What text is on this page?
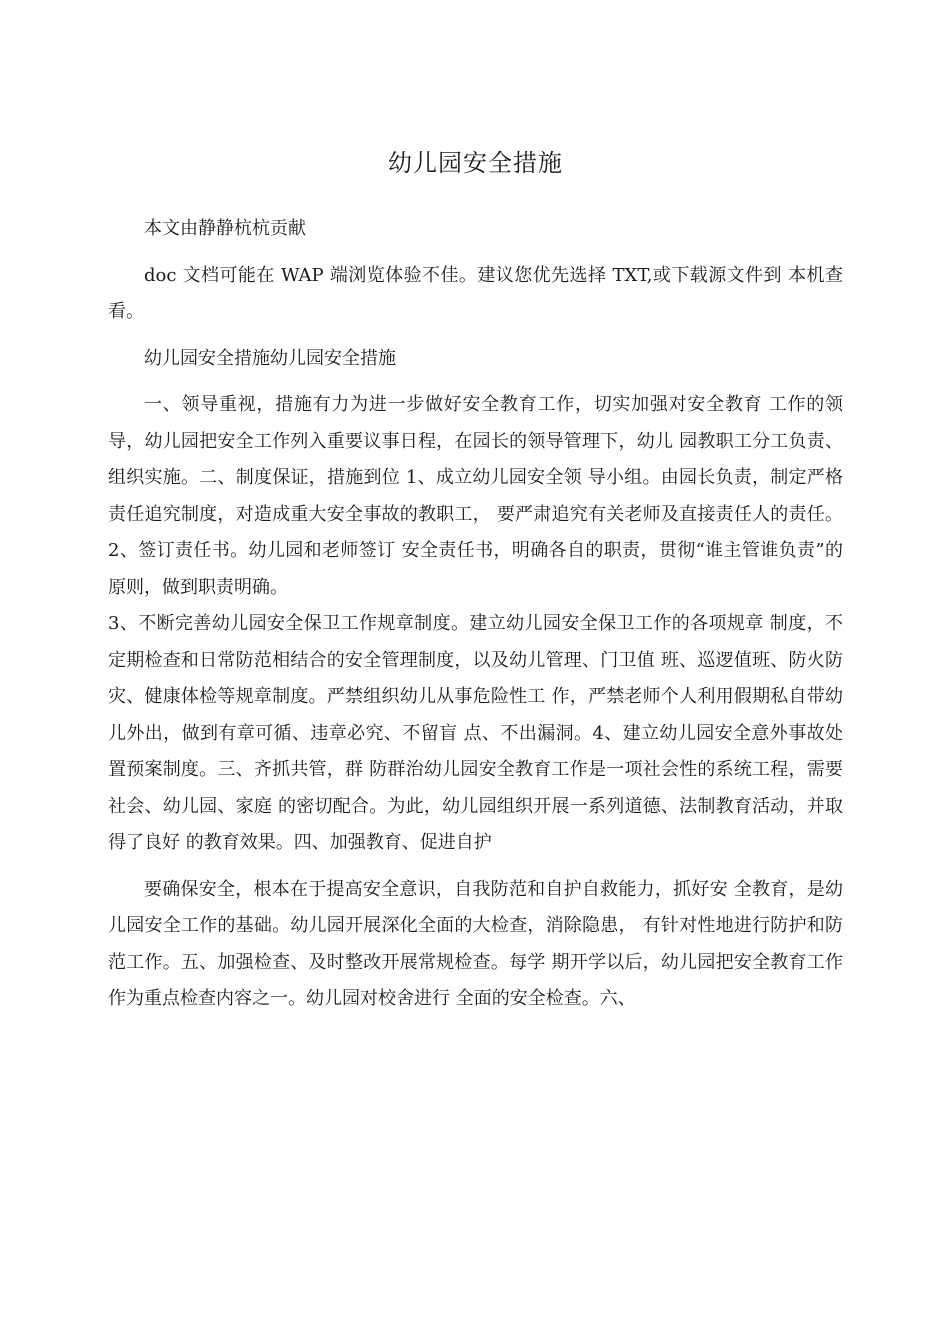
幼儿园安全措施

本文由静静杭杭贡献

doc 文档可能在 WAP 端浏览体验不佳。建议您优先选择 TXT,或下载源文件到 本机查看。

幼儿园安全措施幼儿园安全措施

一、领导重视，措施有力为进一步做好安全教育工作，切实加强对安全教育 工作的领导，幼儿园把安全工作列入重要议事日程，在园长的领导管理下，幼儿 园教职工分工负责、组织实施。二、制度保证，措施到位 1、成立幼儿园安全领 导小组。由园长负责，制定严格责任追究制度，对造成重大安全事故的教职工， 要严肃追究有关老师及直接责任人的责任。2、签订责任书。幼儿园和老师签订 安全责任书，明确各自的职责，贯彻“谁主管谁负责”的原则，做到职责明确。

3、不断完善幼儿园安全保卫工作规章制度。建立幼儿园安全保卫工作的各项规章 制度，不定期检查和日常防范相结合的安全管理制度，以及幼儿管理、门卫值 班、巡逻值班、防火防灾、健康体检等规章制度。严禁组织幼儿从事危险性工 作，严禁老师个人利用假期私自带幼儿外出，做到有章可循、违章必究、不留盲 点、不出漏洞。4、建立幼儿园安全意外事故处置预案制度。三、齐抓共管，群 防群治幼儿园安全教育工作是一项社会性的系统工程，需要社会、幼儿园、家庭 的密切配合。为此，幼儿园组织开展一系列道德、法制教育活动，并取得了良好 的教育效果。四、加强教育、促进自护

要确保安全，根本在于提高安全意识，自我防范和自护自救能力，抓好安 全教育，是幼儿园安全工作的基础。幼儿园开展深化全面的大检查，消除隐患， 有针对性地进行防护和防范工作。五、加强检查、及时整改开展常规检查。每学 期开学以后，幼儿园把安全教育工作作为重点检查内容之一。幼儿园对校舍进行 全面的安全检查。六、
